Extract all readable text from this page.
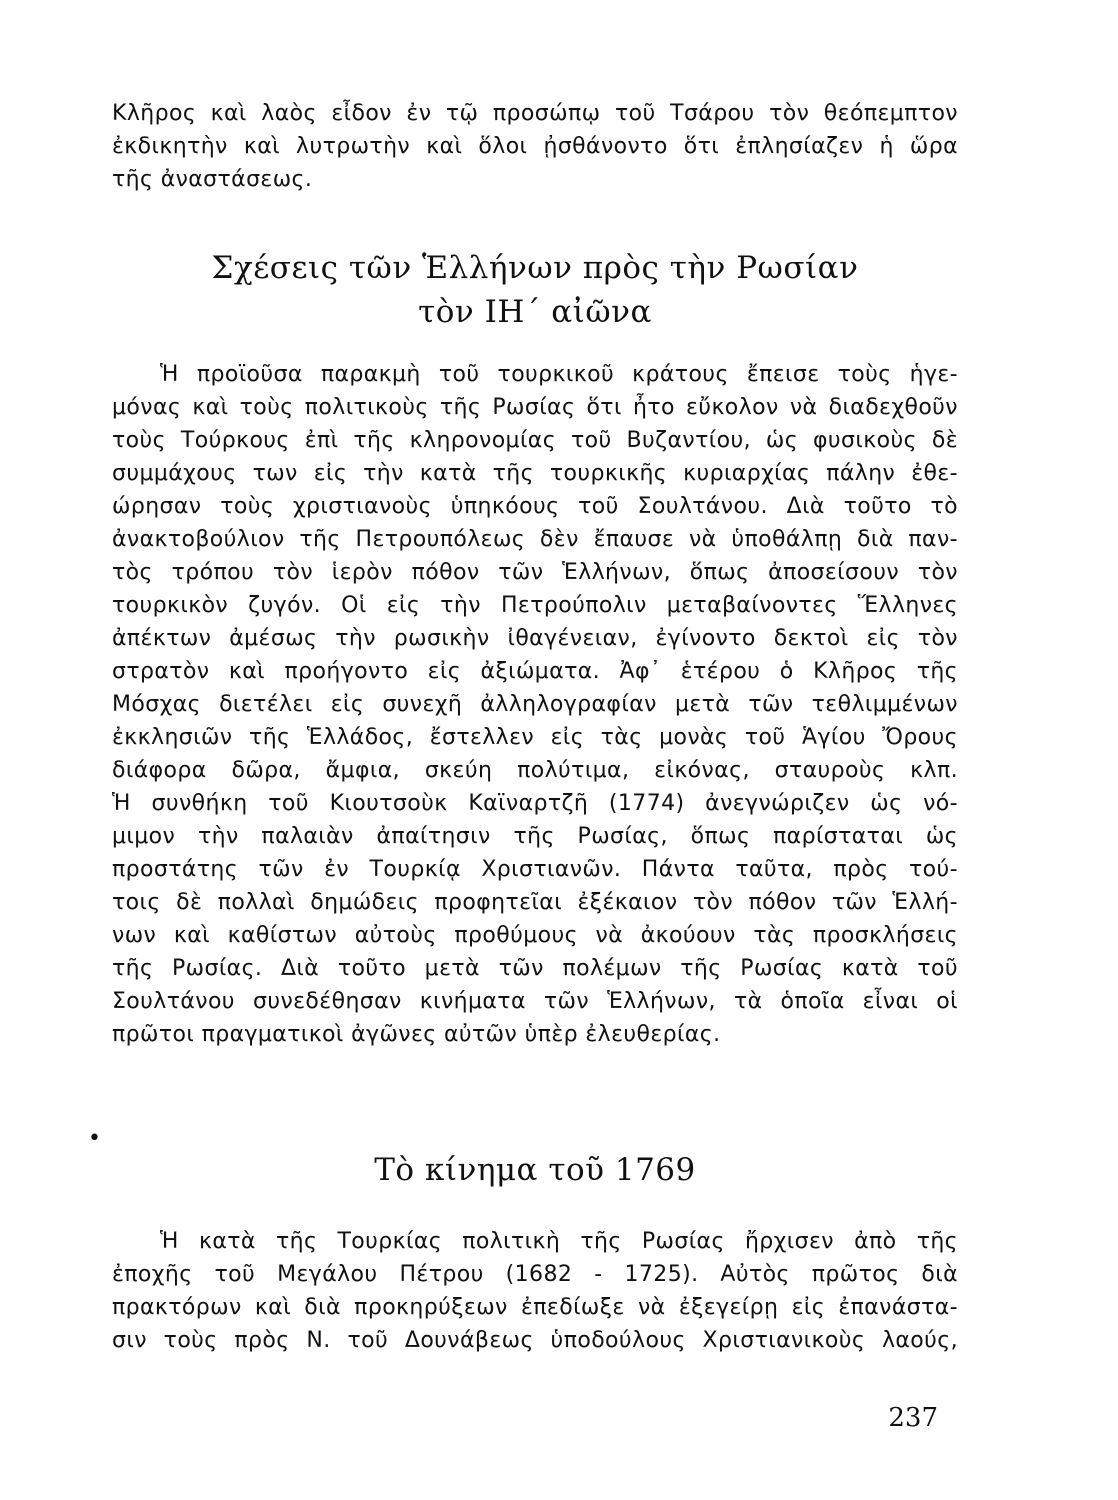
Κλῆρος καὶ λαὸς εἶδον ἐν τῷ προσώπῳ τοῦ Τσάρου τὸν θεόπεμπτον
ἐκδικητὴν καὶ λυτρωτὴν καὶ ὅλοι ᾐσθάνοντο ὅτι ἐπλησίαζεν ἡ ὥρα
τῆς ἀναστάσεως.
Σχέσεις τῶν Ἑλλήνων πρὸς τὴν Ρωσίαν
τὸν ΙΗ΄ αἰῶνα
Ἡ προϊοῦσα παρακμὴ τοῦ τουρκικοῦ κράτους ἔπεισε τοὺς ἡγε-
μόνας καὶ τοὺς πολιτικοὺς τῆς Ρωσίας ὅτι ἦτο εὔκολον νὰ διαδεχθοῦν
τοὺς Τούρκους ἐπὶ τῆς κληρονομίας τοῦ Βυζαντίου, ὡς φυσικοὺς δὲ
συμμάχους των εἰς τὴν κατὰ τῆς τουρκικῆς κυριαρχίας πάλην ἐθε-
ώρησαν τοὺς χριστιανοὺς ὑπηκόους τοῦ Σουλτάνου. Διὰ τοῦτο τὸ
ἀνακτοβούλιον τῆς Πετρουπόλεως δὲν ἔπαυσε νὰ ὑποθάλπῃ διὰ παν-
τὸς τρόπου τὸν ἱερὸν πόθον τῶν Ἑλλήνων, ὅπως ἀποσείσουν τὸν
τουρκικὸν ζυγόν. Οἱ εἰς τὴν Πετρούπολιν μεταβαίνοντες Ἕλληνες
ἀπέκτων ἀμέσως τὴν ρωσικὴν ἰθαγένειαν, ἐγίνοντο δεκτοὶ εἰς τὸν
στρατὸν καὶ προήγοντο εἰς ἀξιώματα. Ἀφ᾽ ἑτέρου ὁ Κλῆρος τῆς
Μόσχας διετέλει εἰς συνεχῆ ἀλληλογραφίαν μετὰ τῶν τεθλιμμένων
ἐκκλησιῶν τῆς Ἑλλάδος, ἔστελλεν εἰς τὰς μονὰς τοῦ Ἁγίου Ὄρους
διάφορα δῶρα, ἄμφια, σκεύη πολύτιμα, εἰκόνας, σταυροὺς κλπ.
Ἡ συνθήκη τοῦ Κιουτσοὺκ Καϊναρτζῆ (1774) ἀνεγνώριζεν ὡς νό-
μιμον τὴν παλαιὰν ἀπαίτησιν τῆς Ρωσίας, ὅπως παρίσταται ὡς
προστάτης τῶν ἐν Τουρκίᾳ Χριστιανῶν. Πάντα ταῦτα, πρὸς τού-
τοις δὲ πολλαὶ δημώδεις προφητεῖαι ἐξέκαιον τὸν πόθον τῶν Ἑλλή-
νων καὶ καθίστων αὐτοὺς προθύμους νὰ ἀκούουν τὰς προσκλήσεις
τῆς Ρωσίας. Διὰ τοῦτο μετὰ τῶν πολέμων τῆς Ρωσίας κατὰ τοῦ
Σουλτάνου συνεδέθησαν κινήματα τῶν Ἑλλήνων, τὰ ὁποῖα εἶναι οἱ
πρῶτοι πραγματικοὶ ἀγῶνες αὐτῶν ὑπὲρ ἐλευθερίας.
•
Τὸ κίνημα τοῦ 1769
Ἡ κατὰ τῆς Τουρκίας πολιτικὴ τῆς Ρωσίας ἤρχισεν ἀπὸ τῆς
ἐποχῆς τοῦ Μεγάλου Πέτρου (1682 - 1725). Αὐτὸς πρῶτος διὰ
πρακτόρων καὶ διὰ προκηρύξεων ἐπεδίωξε νὰ ἐξεγείρῃ εἰς ἐπανάστα-
σιν τοὺς πρὸς Ν. τοῦ Δουνάβεως ὑποδούλους Χριστιανικοὺς λαούς,
237
